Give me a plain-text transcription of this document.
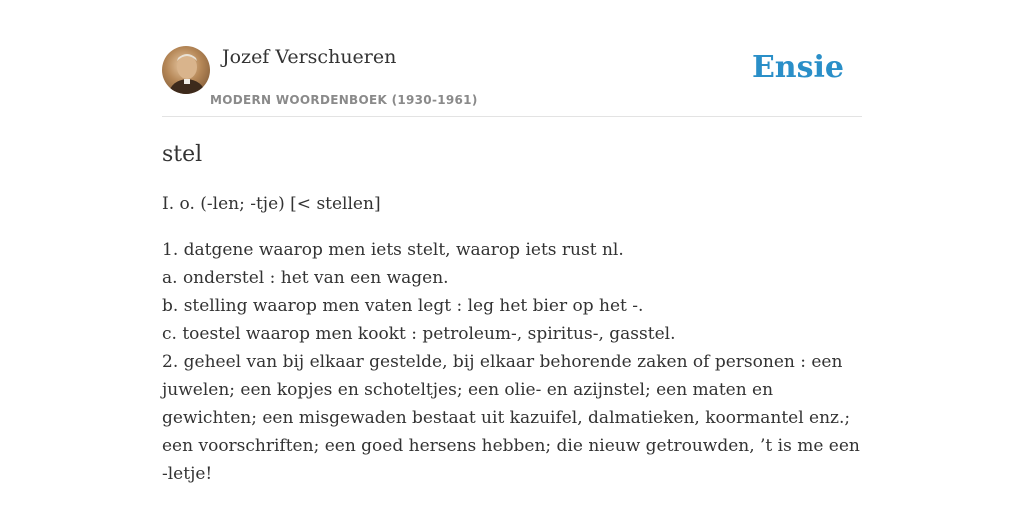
Jozef Verschueren
MODERN WOORDENBOEK (1930-1961)
Ensie
stel

I. o. (-len; -tje) [< stellen]

1. datgene waarop men iets stelt, waarop iets rust nl.
a. onderstel : het van een wagen.
b. stelling waarop men vaten legt : leg het bier op het -.
c. toestel waarop men kookt : petroleum-, spiritus-, gasstel.
2. geheel van bij elkaar gestelde, bij elkaar behorende zaken of personen : een juwelen; een kopjes en schoteltjes; een olie- en azijnstel; een maten en gewichten; een misgewaden bestaat uit kazuifel, dalmatieken, koormantel enz.; een voorschriften; een goed hersens hebben; die nieuw getrouwden, ’t is me een -letje!
